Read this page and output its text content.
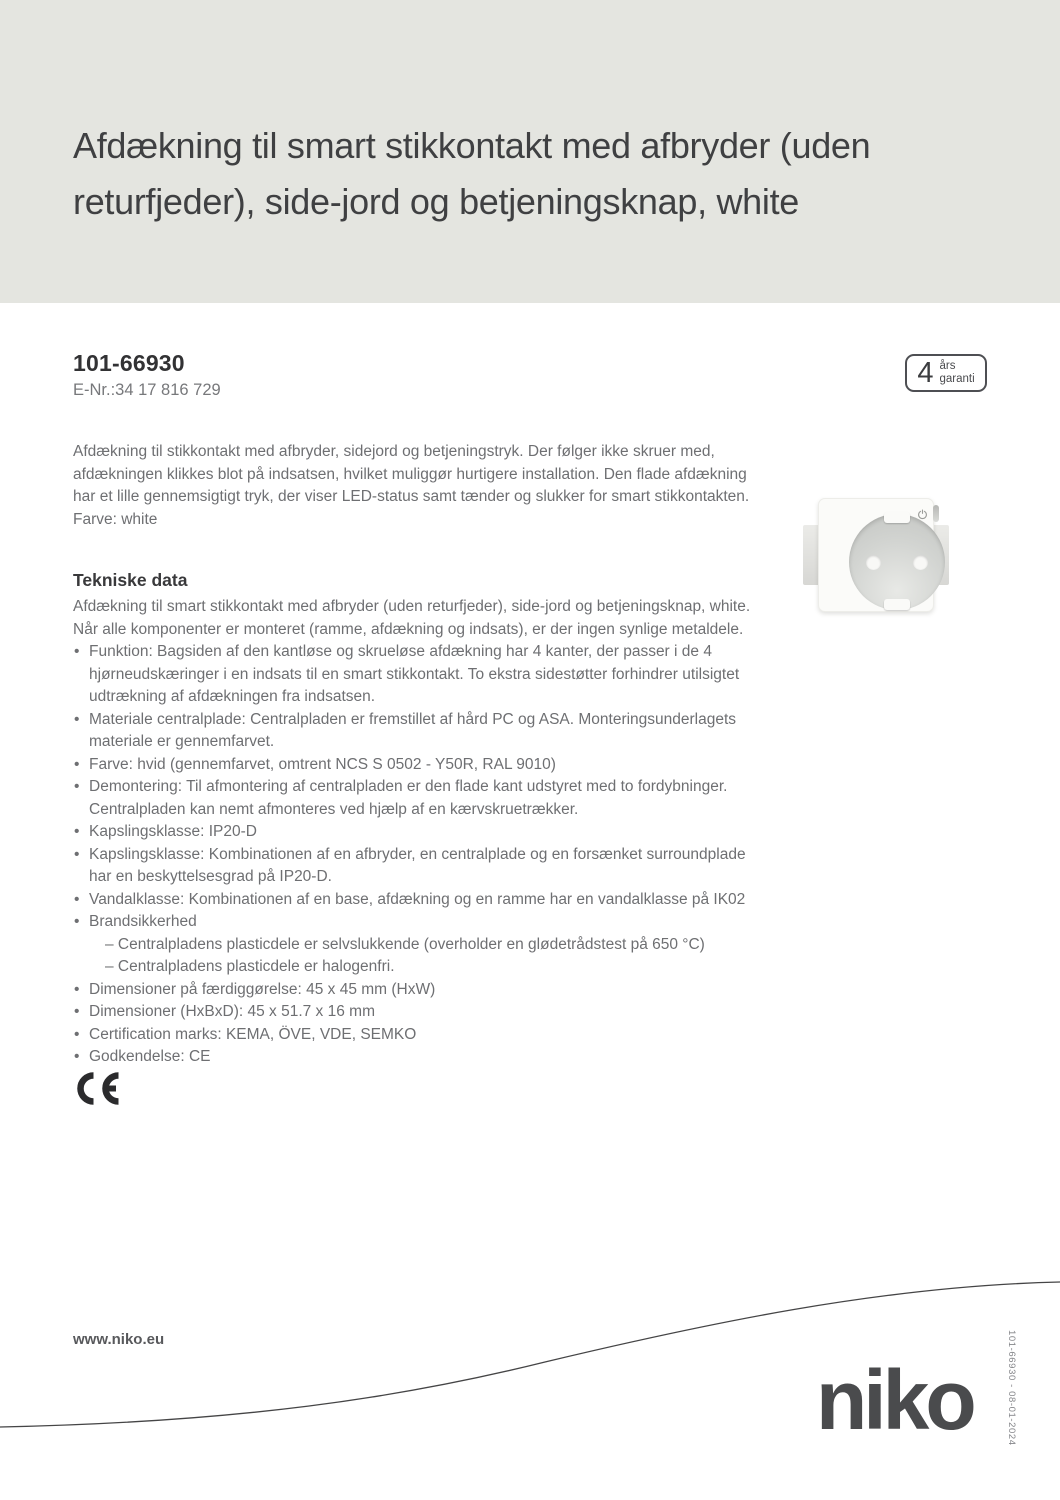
Afdækning til smart stikkontakt med afbryder (uden returfjeder), side-jord og betjeningsknap, white
101-66930
E-Nr.:34 17 816 729
4 års
garanti

Afdækning til stikkontakt med afbryder, sidejord og betjeningstryk. Der følger ikke skruer med, afdækningen klikkes blot på indsatsen, hvilket muliggør hurtigere installation. Den flade afdækning har et lille gennemsigtigt tryk, der viser LED-status samt tænder og slukker for smart stikkontakten.

Farve: white

Tekniske data

Afdækning til smart stikkontakt med afbryder (uden returfjeder), side-jord og betjeningsknap, white. Når alle komponenter er monteret (ramme, afdækning og indsats), er der ingen synlige metaldele.

• Funktion: Bagsiden af den kantløse og skrueløse afdækning har 4 kanter, der passer i de 4 hjørneudskæringer i en indsats til en smart stikkontakt. To ekstra sidestøtter forhindrer utilsigtet udtrækning af afdækningen fra indsatsen.
• Materiale centralplade: Centralpladen er fremstillet af hård PC og ASA. Monteringsunderlagets materiale er gennemfarvet.
• Farve: hvid (gennemfarvet, omtrent NCS S 0502 - Y50R, RAL 9010)
• Demontering: Til afmontering af centralpladen er den flade kant udstyret med to fordybninger. Centralpladen kan nemt afmonteres ved hjælp af en kærvskruetrækker.
• Kapslingsklasse: IP20-D
• Kapslingsklasse: Kombinationen af en afbryder, en centralplade og en forsænket surroundplade har en beskyttelsesgrad på IP20-D.
• Vandalklasse: Kombinationen af en base, afdækning og en ramme har en vandalklasse på IK02
• Brandsikkerhed
– Centralpladens plasticdele er selvslukkende (overholder en glødetrådstest på 650 °C)
– Centralpladens plasticdele er halogenfri.
• Dimensioner på færdiggørelse: 45 x 45 mm (HxW)
• Dimensioner (HxBxD): 45 x 51.7 x 16 mm
• Certification marks: KEMA, ÖVE, VDE, SEMKO
• Godkendelse: CE
www.niko.eu
niko	101-66930 - 08-01-2024
